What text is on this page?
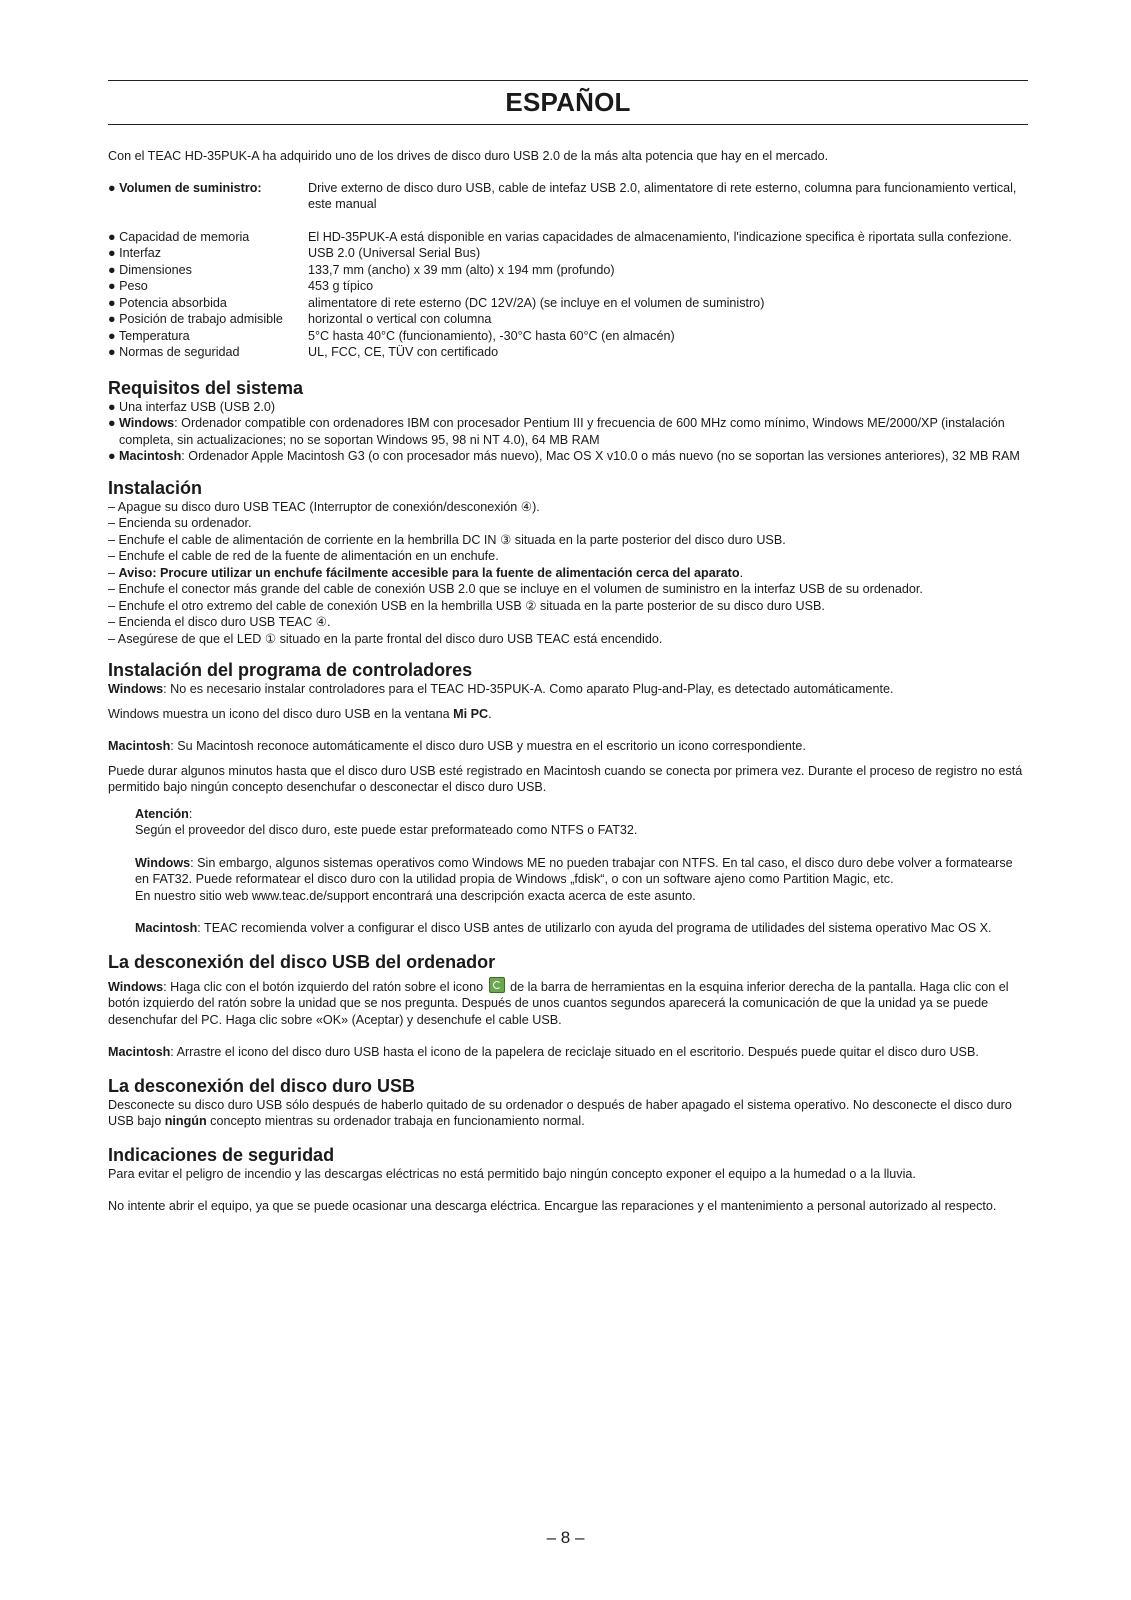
ESPAÑOL

Con el TEAC HD-35PUK-A ha adquirido uno de los drives de disco duro USB 2.0 de la más alta potencia que hay en el mercado.

● Volumen de suministro:	Drive externo de disco duro USB, cable de intefaz USB 2.0, alimentatore di rete esterno, columna para funcionamiento vertical, este manual
● Capacidad de memoria	El HD-35PUK-A está disponible en varias capacidades de almacenamiento, l'indicazione specifica è riportata sulla confezione.
● Interfaz	USB 2.0 (Universal Serial Bus)
● Dimensiones	133,7 mm (ancho) x 39 mm (alto) x 194 mm (profundo)
● Peso	453 g típico
● Potencia absorbida	alimentatore di rete esterno (DC 12V/2A) (se incluye en el volumen de suministro)
● Posición de trabajo admisible	horizontal o vertical con columna
● Temperatura	5°C hasta 40°C (funcionamiento), -30°C hasta 60°C (en almacén)
● Normas de seguridad	UL, FCC, CE, TÜV con certificado
Requisitos del sistema
● Una interfaz USB (USB 2.0)
● Windows: Ordenador compatible con ordenadores IBM con procesador Pentium III y frecuencia de 600 MHz como mínimo, Windows ME/2000/XP (instalación completa, sin actualizaciones; no se soportan Windows 95, 98 ni NT 4.0), 64 MB RAM
● Macintosh: Ordenador Apple Macintosh G3 (o con procesador más nuevo), Mac OS X v10.0 o más nuevo (no se soportan las versiones anteriores), 32 MB RAM
Instalación

– Apague su disco duro USB TEAC (Interruptor de conexión/desconexión ④).

– Encienda su ordenador.

– Enchufe el cable de alimentación de corriente en la hembrilla DC IN ③ situada en la parte posterior del disco duro USB.

– Enchufe el cable de red de la fuente de alimentación en un enchufe.

– Aviso: Procure utilizar un enchufe fácilmente accesible para la fuente de alimentación cerca del aparato.

– Enchufe el conector más grande del cable de conexión USB 2.0 que se incluye en el volumen de suministro en la interfaz USB de su ordenador.

– Enchufe el otro extremo del cable de conexión USB en la hembrilla USB ② situada en la parte posterior de su disco duro USB.

– Encienda el disco duro USB TEAC ④.

– Asegúrese de que el LED ① situado en la parte frontal del disco duro USB TEAC está encendido.

Instalación del programa de controladores

Windows: No es necesario instalar controladores para el TEAC HD-35PUK-A. Como aparato Plug-and-Play, es detectado automáticamente.

Windows muestra un icono del disco duro USB en la ventana Mi PC.

Macintosh: Su Macintosh reconoce automáticamente el disco duro USB y muestra en el escritorio un icono correspondiente.

Puede durar algunos minutos hasta que el disco duro USB esté registrado en Macintosh cuando se conecta por primera vez. Durante el proceso de registro no está permitido bajo ningún concepto desenchufar o desconectar el disco duro USB.

Atención:

Según el proveedor del disco duro, este puede estar preformateado como NTFS o FAT32.

Windows: Sin embargo, algunos sistemas operativos como Windows ME no pueden trabajar con NTFS. En tal caso, el disco duro debe volver a formatearse en FAT32. Puede reformatear el disco duro con la utilidad propia de Windows „fdisk“, o con un software ajeno como Partition Magic, etc.

En nuestro sitio web www.teac.de/support encontrará una descripción exacta acerca de este asunto.

Macintosh: TEAC recomienda volver a configurar el disco USB antes de utilizarlo con ayuda del programa de utilidades del sistema operativo Mac OS X.

La desconexión del disco USB del ordenador

Windows: Haga clic con el botón izquierdo del ratón sobre el icono de la barra de herramientas en la esquina inferior derecha de la pantalla. Haga clic con el botón izquierdo del ratón sobre la unidad que se nos pregunta. Después de unos cuantos segundos aparecerá la comunicación de que la unidad ya se puede desenchufar del PC. Haga clic sobre «OK» (Aceptar) y desenchufe el cable USB.

Macintosh: Arrastre el icono del disco duro USB hasta el icono de la papelera de reciclaje situado en el escritorio. Después puede quitar el disco duro USB.

La desconexión del disco duro USB

Desconecte su disco duro USB sólo después de haberlo quitado de su ordenador o después de haber apagado el sistema operativo. No desconecte el disco duro USB bajo ningún concepto mientras su ordenador trabaja en funcionamiento normal.

Indicaciones de seguridad

Para evitar el peligro de incendio y las descargas eléctricas no está permitido bajo ningún concepto exponer el equipo a la humedad o a la lluvia.

No intente abrir el equipo, ya que se puede ocasionar una descarga eléctrica. Encargue las reparaciones y el mantenimiento a personal autorizado al respecto.

– 8 –
